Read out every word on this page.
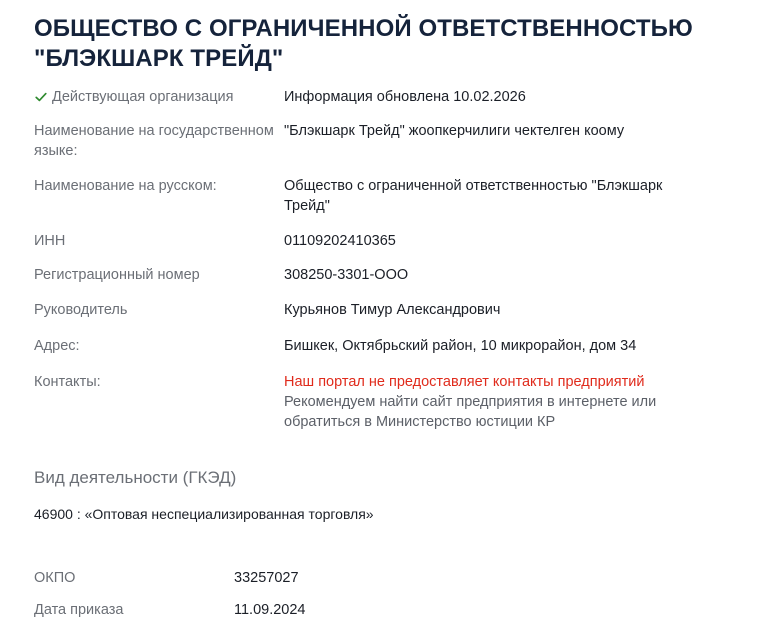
ОБЩЕСТВО С ОГРАНИЧЕННОЙ ОТВЕТСТВЕННОСТЬЮ "БЛЭКШАРК ТРЕЙД"
Действующая организация	Информация обновлена 10.02.2026
Наименование на государственном языке:
"Блэкшарк Трейд" жоопкерчилиги чектелген коому
Наименование на русском:	Общество с ограниченной ответственностью "Блэкшарк Трейд"
ИНН	01109202410365
Регистрационный номер	308250-3301-ООО
Руководитель	Курьянов Тимур Александрович
Адрес:	Бишкек, Октябрьский район, 10 микрорайон, дом 34
Контакты:	Наш портал не предоставляет контакты предприятий
Рекомендуем найти сайт предприятия в интернете или обратиться в Министерство юстиции КР
Вид деятельности (ГКЭД)
46900 : «Оптовая неспециализированная торговля»
ОКПО	33257027
Дата приказа	11.09.2024
